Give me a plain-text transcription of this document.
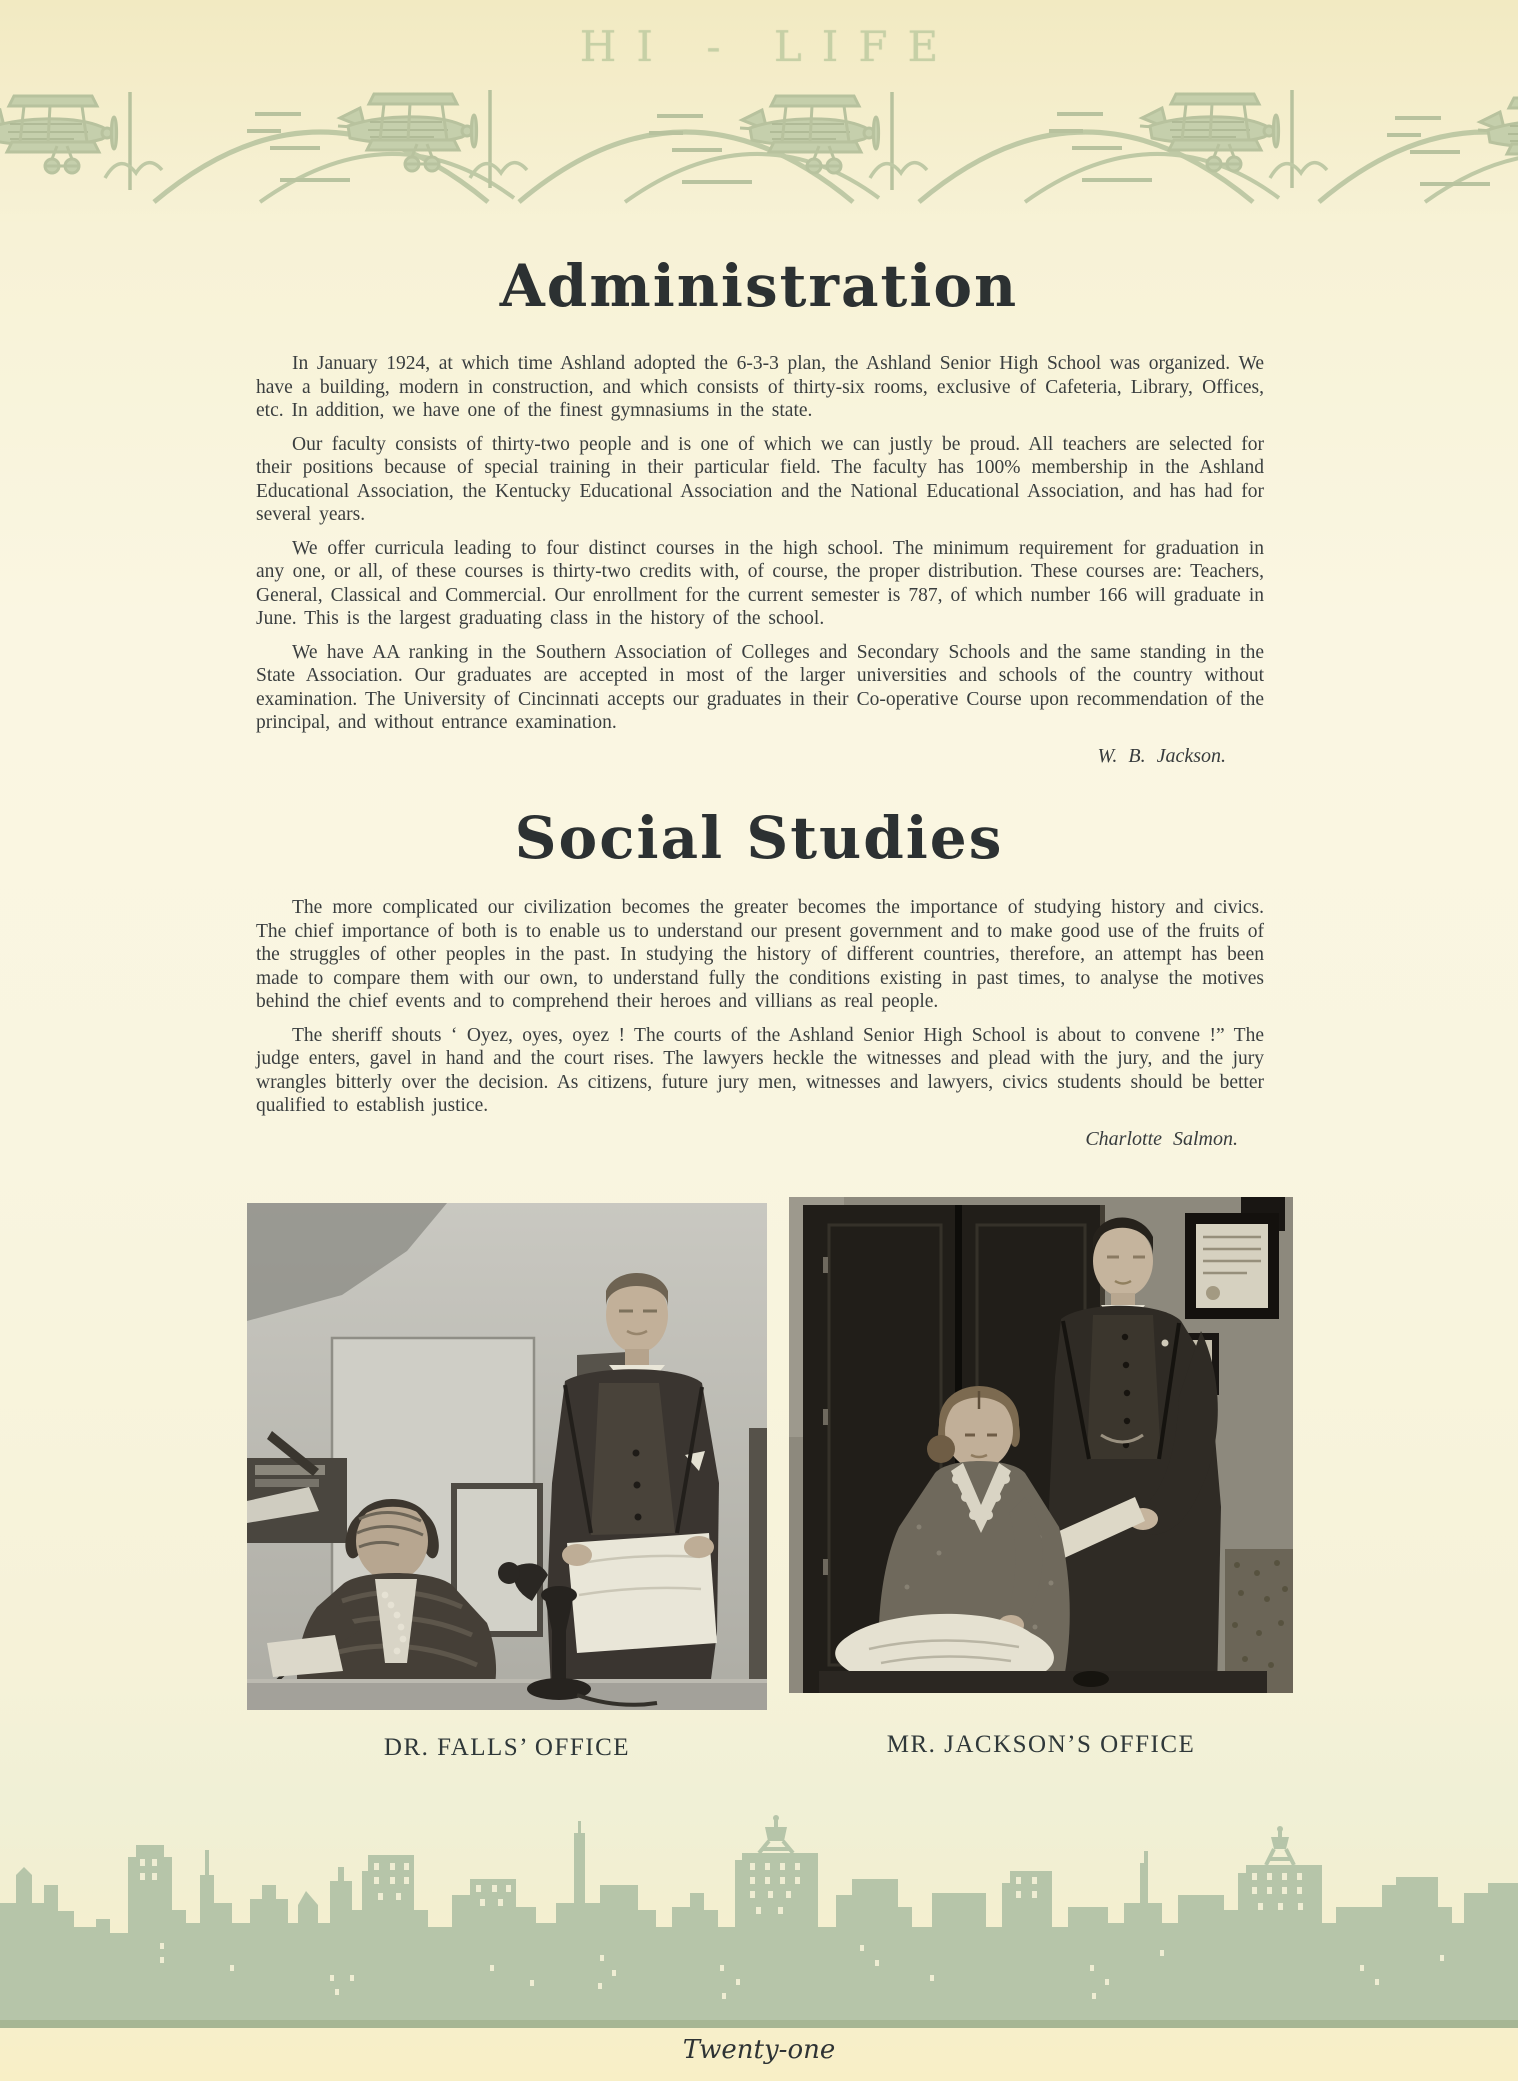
HI - LIFE
Administration

In January 1924, at which time Ashland adopted the 6-3-3 plan, the Ashland Senior High School was organized. We have a building, modern in construction, and which consists of thirty-six rooms, exclusive of Cafeteria, Library, Offices, etc. In addition, we have one of the finest gymnasiums in the state.

Our faculty consists of thirty-two people and is one of which we can justly be proud. All teachers are selected for their positions because of special training in their particular field. The faculty has 100% membership in the Ashland Educational Association, the Kentucky Educational Association and the National Educational Association, and has had for several years.

We offer curricula leading to four distinct courses in the high school. The minimum requirement for graduation in any one, or all, of these courses is thirty-two credits with, of course, the proper distribution. These courses are: Teachers, General, Classical and Commercial. Our enrollment for the current semester is 787, of which number 166 will graduate in June. This is the largest graduating class in the history of the school.

We have AA ranking in the Southern Association of Colleges and Secondary Schools and the same standing in the State Association. Our graduates are accepted in most of the larger universities and schools of the country without examination. The University of Cincinnati accepts our graduates in their Co-operative Course upon recommendation of the principal, and without entrance examination.

W. B. Jackson.
Social Studies

The more complicated our civilization becomes the greater becomes the importance of studying history and civics. The chief importance of both is to enable us to understand our present government and to make good use of the fruits of the struggles of other peoples in the past. In studying the history of different countries, therefore, an attempt has been made to compare them with our own, to understand fully the conditions existing in past times, to analyse the motives behind the chief events and to comprehend their heroes and villians as real people.

The sheriff shouts ‘ Oyez, oyes, oyez ! The courts of the Ashland Senior High School is about to convene !” The judge enters, gavel in hand and the court rises. The lawyers heckle the witnesses and plead with the jury, and the jury wrangles bitterly over the decision. As citizens, future jury men, witnesses and lawyers, civics students should be better qualified to establish justice.

Charlotte Salmon.
DR. FALLS’ OFFICE	MR. JACKSON’S OFFICE
Twenty-one
